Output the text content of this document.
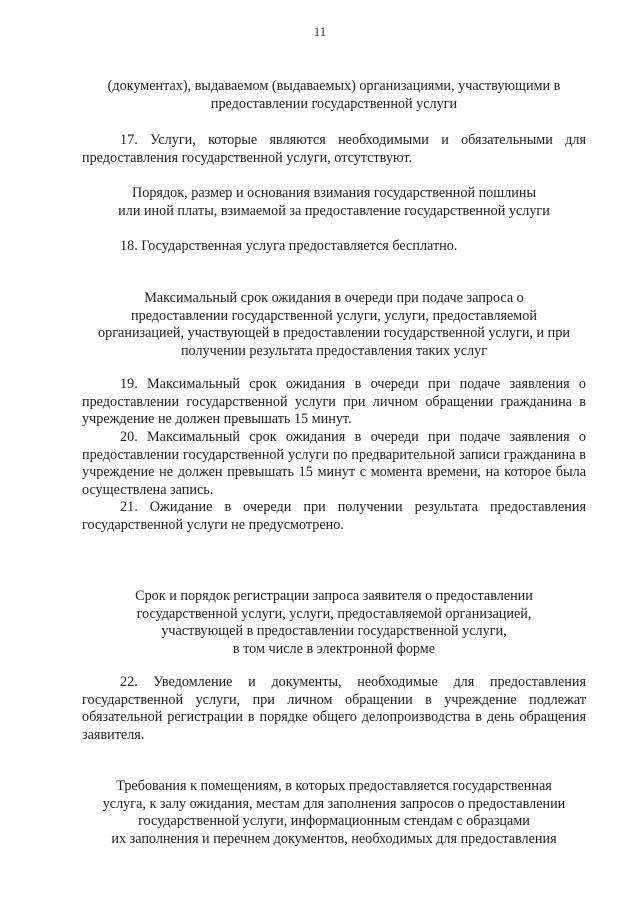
11

(документах), выдаваемом (выдаваемых) организациями, участвующими в

предоставлении государственной услуги

17. Услуги, которые являются необходимыми и обязательными для предоставления государственной услуги, отсутствуют.

Порядок, размер и основания взимания государственной пошлины

или иной платы, взимаемой за предоставление государственной услуги

18. Государственная услуга предоставляется бесплатно.

Максимальный срок ожидания в очереди при подаче запроса о

предоставлении государственной услуги, услуги, предоставляемой

организацией, участвующей в предоставлении государственной услуги, и при

получении результата предоставления таких услуг

19. Максимальный срок ожидания в очереди при подаче заявления о предоставлении государственной услуги при личном обращении гражданина в учреждение не должен превышать 15 минут.
20. Максимальный срок ожидания в очереди при подаче заявления о предоставлении государственной услуги по предварительной записи гражданина в учреждение не должен превышать 15 минут с момента времени, на которое была осуществлена запись.
21. Ожидание в очереди при получении результата предоставления государственной услуги не предусмотрено.

Срок и порядок регистрации запроса заявителя о предоставлении

государственной услуги, услуги, предоставляемой организацией,

участвующей в предоставлении государственной услуги,

в том числе в электронной форме

22. Уведомление и документы, необходимые для предоставления государственной услуги, при личном обращении в учреждение подлежат обязательной регистрации в порядке общего делопроизводства в день обращения заявителя.

Требования к помещениям, в которых предоставляется государственная

услуга, к залу ожидания, местам для заполнения запросов о предоставлении

государственной услуги, информационным стендам с образцами

их заполнения и перечнем документов, необходимых для предоставления
